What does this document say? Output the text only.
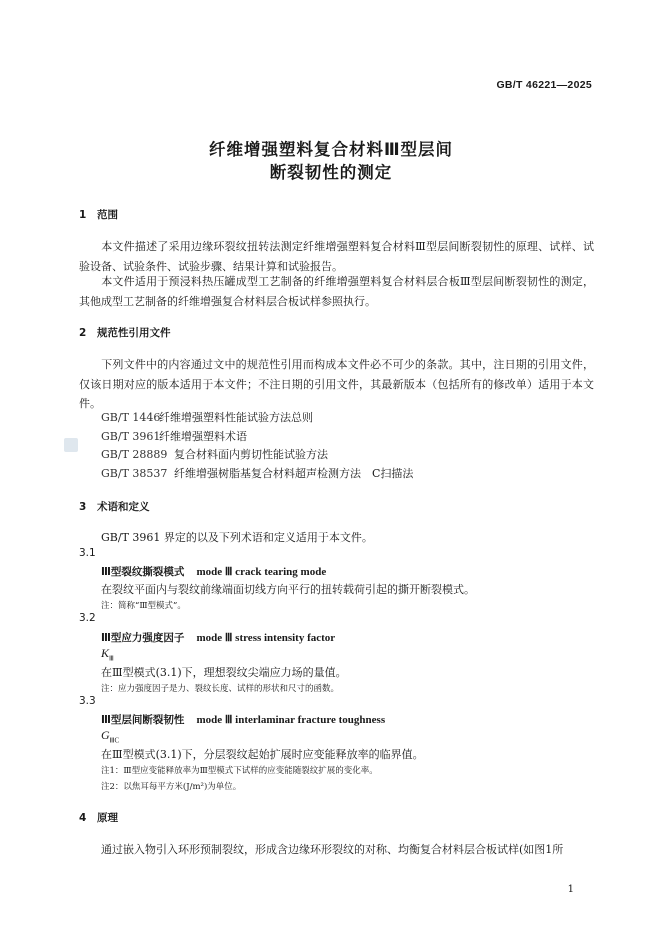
GB/T 46221—2025
纤维增强塑料复合材料Ⅲ型层间
断裂韧性的测定
1 范围
本文件描述了采用边缘环裂纹扭转法测定纤维增强塑料复合材料Ⅲ型层间断裂韧性的原理、试样、试验设备、试验条件、试验步骤、结果计算和试验报告。
本文件适用于预浸料热压罐成型工艺制备的纤维增强塑料复合材料层合板Ⅲ型层间断裂韧性的测定，其他成型工艺制备的纤维增强复合材料层合板试样参照执行。
2 规范性引用文件
下列文件中的内容通过文中的规范性引用而构成本文件必不可少的条款。其中，注日期的引用文件，仅该日期对应的版本适用于本文件；不注日期的引用文件，其最新版本（包括所有的修改单）适用于本文件。
GB/T 1446纤维增强塑料性能试验方法总则
GB/T 3961纤维增强塑料术语
GB/T 28889 复合材料面内剪切性能试验方法
GB/T 38537 纤维增强树脂基复合材料超声检测方法　C扫描法
3 术语和定义
GB/T 3961 界定的以及下列术语和定义适用于本文件。
3.1
Ⅲ型裂纹撕裂模式 mode Ⅲ crack tearing mode
在裂纹平面内与裂纹前缘端面切线方向平行的扭转载荷引起的撕开断裂模式。
注：简称“Ⅲ型模式”。
3.2
Ⅲ型应力强度因子 mode Ⅲ stress intensity factor
$K_Ⅲ$
在Ⅲ型模式(3.1)下，理想裂纹尖端应力场的量值。
注：应力强度因子是力、裂纹长度、试样的形状和尺寸的函数。
3.3
Ⅲ型层间断裂韧性 mode Ⅲ interlaminar fracture toughness
$G_{ⅢC}$
在Ⅲ型模式(3.1)下，分层裂纹起始扩展时应变能释放率的临界值。
注1：Ⅲ型应变能释放率为Ⅲ型模式下试样的应变能随裂纹扩展的变化率。
注2：以焦耳每平方米(J/m²)为单位。
4 原理
通过嵌入物引入环形预制裂纹，形成含边缘环形裂纹的对称、均衡复合材料层合板试样(如图1所
1
